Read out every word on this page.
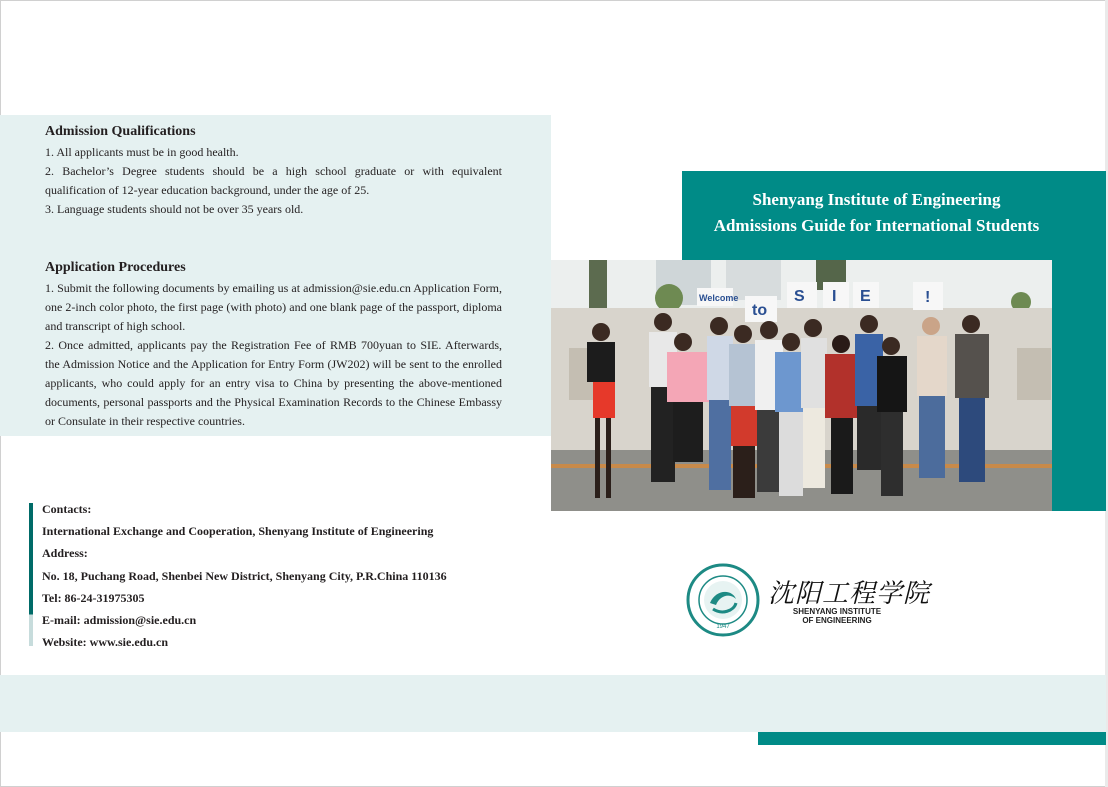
Admission Qualifications

1. All applicants must be in good health.

2. Bachelor’s Degree students should be a high school graduate or with equivalent qualification of 12-year education background, under the age of 25.

3. Language students should not be over 35 years old.

Application Procedures

1. Submit the following documents by emailing us at admission@sie.edu.cn Application Form, one 2-inch color photo, the first page (with photo) and one blank page of the passport, diploma and transcript of high school.

2. Once admitted, applicants pay the Registration Fee of RMB 700yuan to SIE. Afterwards, the Admission Notice and the Application for Entry Form (JW202) will be sent to the enrolled applicants, who could apply for an entry visa to China by presenting the above-mentioned documents, personal passports and the Physical Examination Records to the Chinese Embassy or Consulate in their respective countries.

Shenyang Institute of Engineering
Admissions Guide for International Students
Welcome
to
S I E	!
Contacts:
International Exchange and Cooperation, Shenyang Institute of Engineering
Address:
No. 18, Puchang Road, Shenbei New District, Shenyang City, P.R.China 110136
Tel: 86-24-31975305
E-mail: admission@sie.edu.cn
Website: www.sie.edu.cn
1947
沈阳工程学院
SHENYANG INSTITUTE
OF ENGINEERING
